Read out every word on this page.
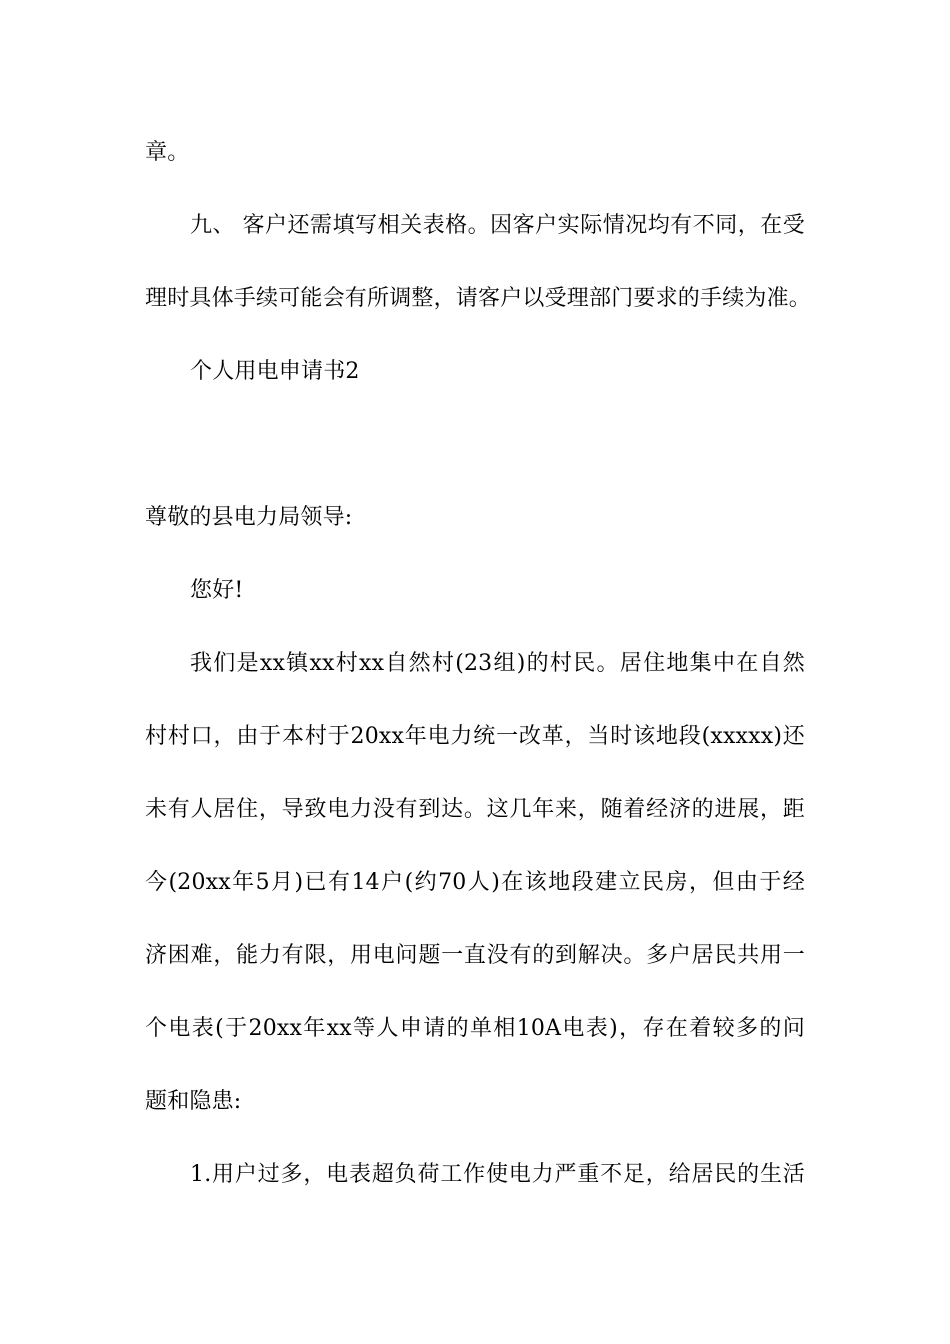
章。
九、 客户还需填写相关表格。因客户实际情况均有不同，在受
理时具体手续可能会有所调整，请客户以受理部门要求的手续为准。
个人用电申请书2
尊敬的县电力局领导:
您好!
我们是xx镇xx村xx自然村(23组)的村民。居住地集中在自然
村村口，由于本村于20xx年电力统一改革，当时该地段(xxxxx)还
未有人居住，导致电力没有到达。这几年来，随着经济的进展，距
今(20xx年5月)已有14户(约70人)在该地段建立民房，但由于经
济困难，能力有限，用电问题一直没有的到解决。多户居民共用一
个电表(于20xx年xx等人申请的单相10A电表)，存在着较多的问
题和隐患:
1.用户过多，电表超负荷工作使电力严重不足，给居民的生活
